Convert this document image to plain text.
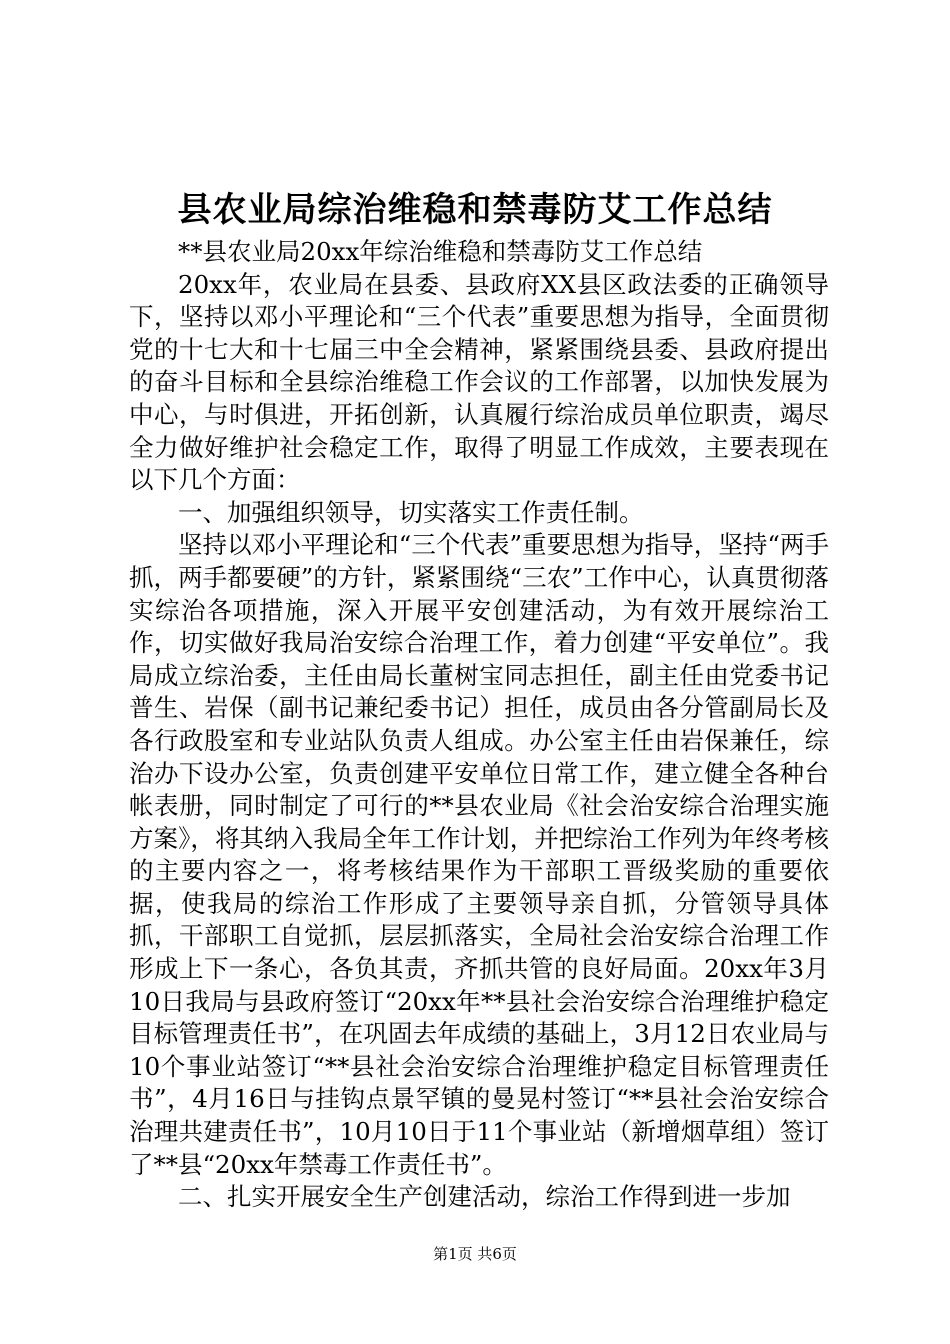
县农业局综治维稳和禁毒防艾工作总结

**县农业局20xx年综治维稳和禁毒防艾工作总结

20xx年，农业局在县委、县政府XX县区政法委的正确领导下，坚持以邓小平理论和“三个代表”重要思想为指导，全面贯彻党的十七大和十七届三中全会精神，紧紧围绕县委、县政府提出的奋斗目标和全县综治维稳工作会议的工作部署，以加快发展为中心，与时俱进，开拓创新，认真履行综治成员单位职责，竭尽全力做好维护社会稳定工作，取得了明显工作成效，主要表现在以下几个方面：

一、加强组织领导，切实落实工作责任制。

坚持以邓小平理论和“三个代表”重要思想为指导，坚持“两手抓，两手都要硬”的方针，紧紧围绕“三农”工作中心，认真贯彻落实综治各项措施，深入开展平安创建活动，为有效开展综治工作，切实做好我局治安综合治理工作，着力创建“平安单位”。我局成立综治委，主任由局长董树宝同志担任，副主任由党委书记普生、岩保（副书记兼纪委书记）担任，成员由各分管副局长及各行政股室和专业站队负责人组成。办公室主任由岩保兼任，综治办下设办公室，负责创建平安单位日常工作，建立健全各种台帐表册，同时制定了可行的**县农业局《社会治安综合治理实施方案》，将其纳入我局全年工作计划，并把综治工作列为年终考核的主要内容之一，将考核结果作为干部职工晋级奖励的重要依据，使我局的综治工作形成了主要领导亲自抓，分管领导具体抓，干部职工自觉抓，层层抓落实，全局社会治安综合治理工作形成上下一条心，各负其责，齐抓共管的良好局面。20xx年3月10日我局与县政府签订“20xx年**县社会治安综合治理维护稳定目标管理责任书”，在巩固去年成绩的基础上，3月12日农业局与10个事业站签订“**县社会治安综合治理维护稳定目标管理责任书”，4月16日与挂钩点景罕镇的曼晃村签订“**县社会治安综合治理共建责任书”，10月10日于11个事业站（新增烟草组）签订了**县“20xx年禁毒工作责任书”。

二、扎实开展安全生产创建活动，综治工作得到进一步加

第1页 共6页
